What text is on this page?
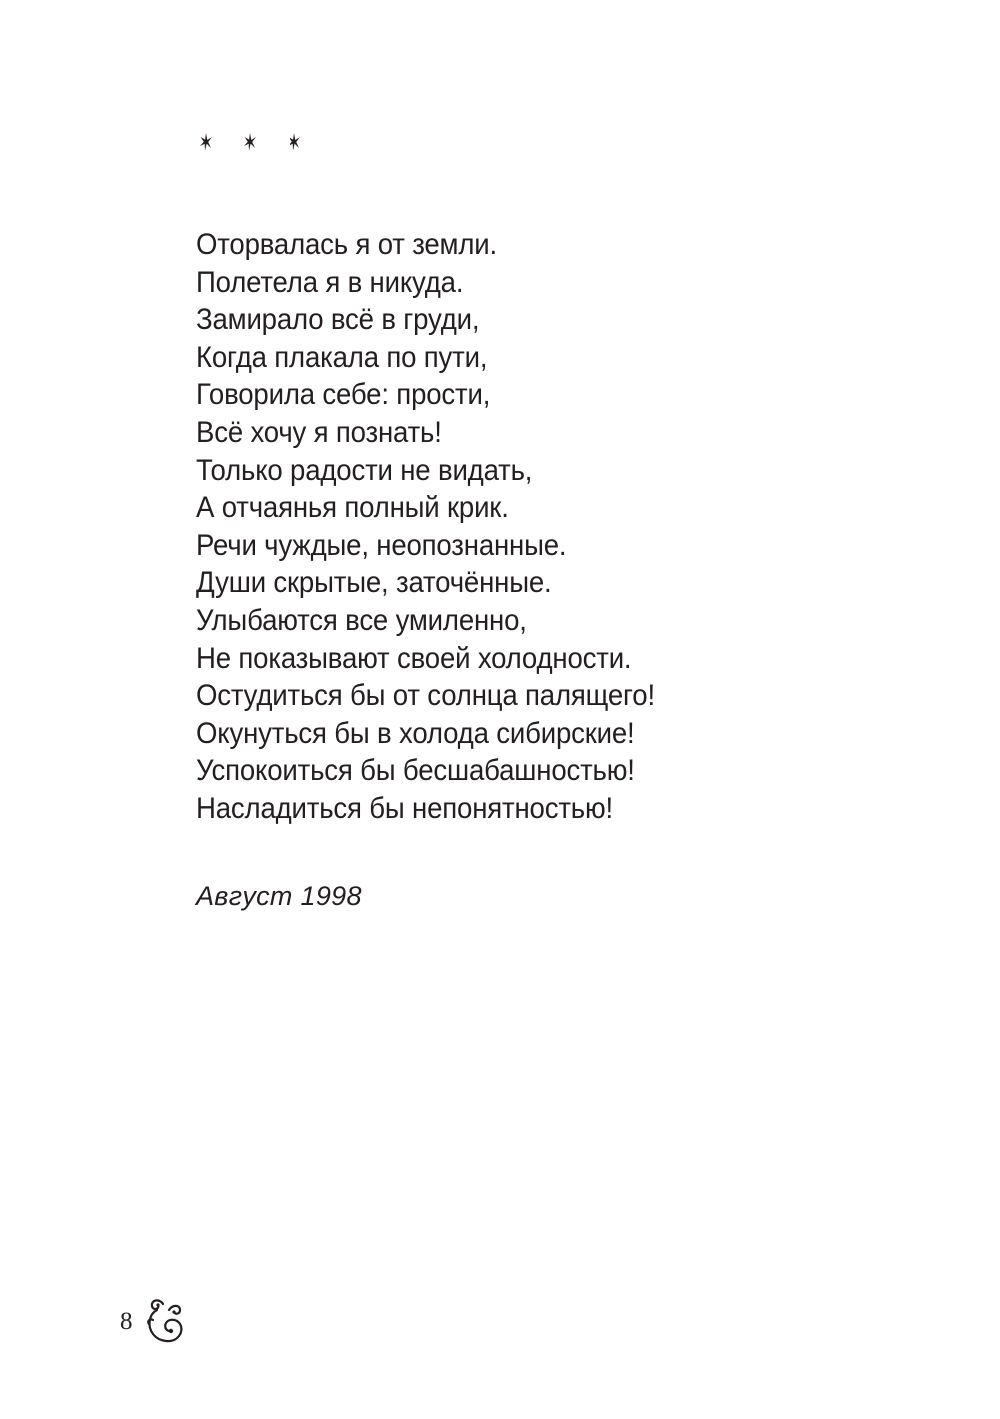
Оторвалась я от земли.
Полетела я в никуда.
Замирало всё в груди,
Когда плакала по пути,
Говорила себе: прости,
Всё хочу я познать!
Только радости не видать,
А отчаянья полный крик.
Речи чуждые, неопознанные.
Души скрытые, заточённые.
Улыбаются все умиленно,
Не показывают своей холодности.
Остудиться бы от солнца палящего!
Окунуться бы в холода сибирские!
Успокоиться бы бесшабашностью!
Насладиться бы непонятностью!
Август 1998
8
